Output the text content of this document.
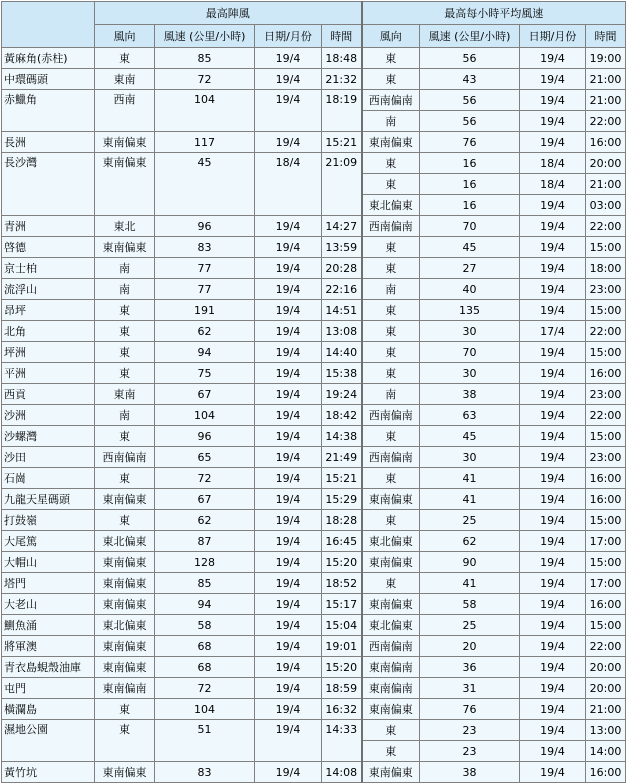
	最高陣風				最高每小時平均風速			
	風向	風速 (公里/小時)	日期/月份	時間	風向	風速 (公里/小時)	日期/月份	時間
黃麻角(赤柱)	東	85	19/4	18:48	東	56	19/4	19:00
中環碼頭	東南	72	19/4	21:32	東	43	19/4	21:00
赤鱲角	西南	104	19/4	18:19	西南偏南	56	19/4	21:00
					南	56	19/4	22:00
長洲	東南偏東	117	19/4	15:21	東南偏東	76	19/4	16:00
長沙灣	東南偏東	45	18/4	21:09	東	16	18/4	20:00
					東	16	18/4	21:00
					東北偏東	16	19/4	03:00
青洲	東北	96	19/4	14:27	西南偏南	70	19/4	22:00
啓德	東南偏東	83	19/4	13:59	東	45	19/4	15:00
京士柏	南	77	19/4	20:28	東	27	19/4	18:00
流浮山	南	77	19/4	22:16	南	40	19/4	23:00
昂坪	東	191	19/4	14:51	東	135	19/4	15:00
北角	東	62	19/4	13:08	東	30	17/4	22:00
坪洲	東	94	19/4	14:40	東	70	19/4	15:00
平洲	東	75	19/4	15:38	東	30	19/4	16:00
西貢	東南	67	19/4	19:24	南	38	19/4	23:00
沙洲	南	104	19/4	18:42	西南偏南	63	19/4	22:00
沙螺灣	東	96	19/4	14:38	東	45	19/4	15:00
沙田	西南偏南	65	19/4	21:49	西南偏南	30	19/4	23:00
石崗	東	72	19/4	15:21	東	41	19/4	16:00
九龍天星碼頭	東南偏東	67	19/4	15:29	東南偏東	41	19/4	16:00
打鼓嶺	東	62	19/4	18:28	東	25	19/4	15:00
大尾篤	東北偏東	87	19/4	16:45	東北偏東	62	19/4	17:00
大帽山	東南偏東	128	19/4	15:20	東南偏東	90	19/4	15:00
塔門	東南偏東	85	19/4	18:52	東	41	19/4	17:00
大老山	東南偏東	94	19/4	15:17	東南偏東	58	19/4	16:00
鰂魚涌	東北偏東	58	19/4	15:04	東北偏東	25	19/4	15:00
將軍澳	東南偏東	68	19/4	19:01	西南偏南	20	19/4	22:00
青衣島蜆殼油庫	東南偏東	68	19/4	15:20	東南偏南	36	19/4	20:00
屯門	東南偏南	72	19/4	18:59	東南偏南	31	19/4	20:00
橫瀾島	東	104	19/4	16:32	東南偏東	76	19/4	21:00
濕地公園	東	51	19/4	14:33	東	23	19/4	13:00
					東	23	19/4	14:00
黃竹坑	東南偏東	83	19/4	14:08	東南偏東	38	19/4	16:00
